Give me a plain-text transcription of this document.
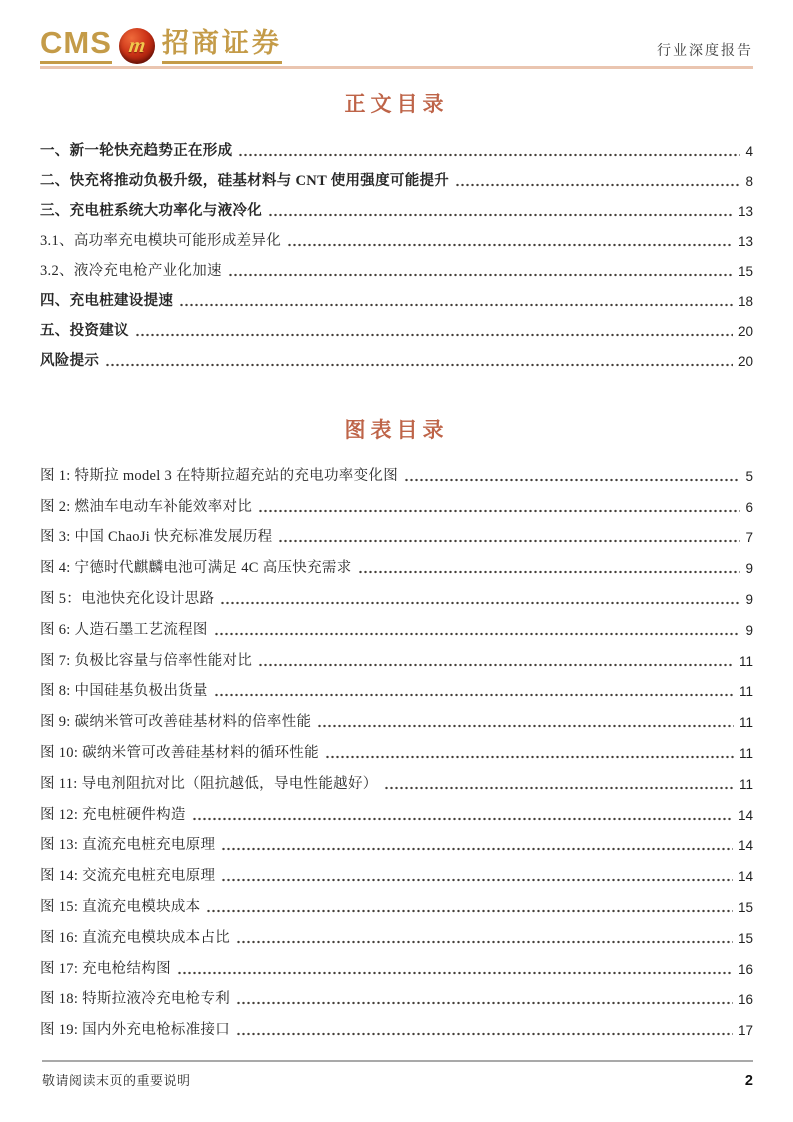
CMS m 招商证券	行业深度报告
正文目录
一、新一轮快充趋势正在形成	4
二、快充将推动负极升级，硅基材料与 CNT 使用强度可能提升	8
三、充电桩系统大功率化与液冷化	13
3.1、高功率充电模块可能形成差异化	13
3.2、液冷充电枪产业化加速	15
四、充电桩建设提速	18
五、投资建议	20
风险提示	20
图表目录
图 1: 特斯拉 model 3 在特斯拉超充站的充电功率变化图	5
图 2: 燃油车电动车补能效率对比	6
图 3: 中国 ChaoJi 快充标准发展历程	7
图 4: 宁德时代麒麟电池可满足 4C 高压快充需求	9
图 5：电池快充化设计思路	9
图 6: 人造石墨工艺流程图	9
图 7: 负极比容量与倍率性能对比	11
图 8: 中国硅基负极出货量	11
图 9: 碳纳米管可改善硅基材料的倍率性能	11
图 10: 碳纳米管可改善硅基材料的循环性能	11
图 11: 导电剂阻抗对比（阻抗越低，导电性能越好）	11
图 12: 充电桩硬件构造	14
图 13: 直流充电桩充电原理	14
图 14: 交流充电桩充电原理	14
图 15: 直流充电模块成本	15
图 16: 直流充电模块成本占比	15
图 17: 充电枪结构图	16
图 18: 特斯拉液冷充电枪专利	16
图 19: 国内外充电枪标准接口	17
敬请阅读末页的重要说明	2
